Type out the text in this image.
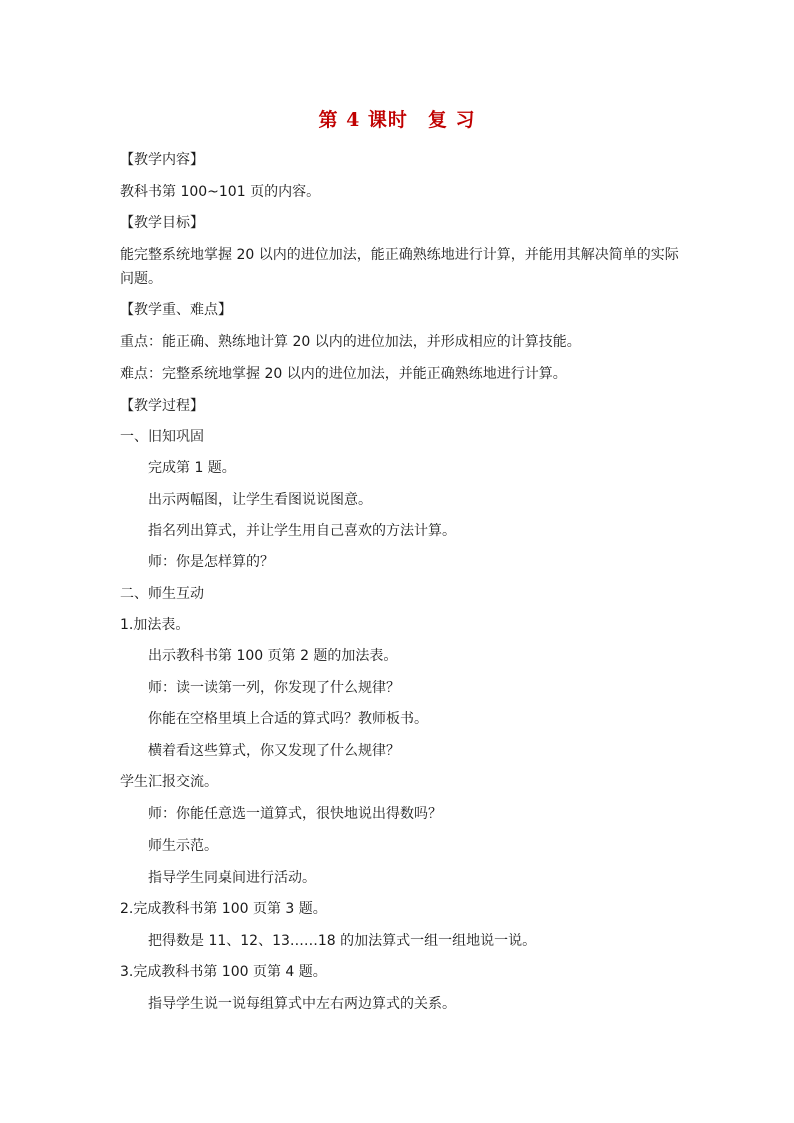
第 4 课时　复 习
【教学内容】
教科书第 100~101 页的内容。
【教学目标】
能完整系统地掌握 20 以内的进位加法，能正确熟练地进行计算，并能用其解决简单的实际问题。
【教学重、难点】
重点：能正确、熟练地计算 20 以内的进位加法，并形成相应的计算技能。
难点：完整系统地掌握 20 以内的进位加法，并能正确熟练地进行计算。
【教学过程】
一、旧知巩固
完成第 1 题。
出示两幅图，让学生看图说说图意。
指名列出算式，并让学生用自己喜欢的方法计算。
师：你是怎样算的？
二、师生互动
1.加法表。
出示教科书第 100 页第 2 题的加法表。
师：读一读第一列，你发现了什么规律？
你能在空格里填上合适的算式吗？教师板书。
横着看这些算式，你又发现了什么规律？
学生汇报交流。
师：你能任意选一道算式，很快地说出得数吗？
师生示范。
指导学生同桌间进行活动。
2.完成教科书第 100 页第 3 题。
把得数是 11、12、13……18 的加法算式一组一组地说一说。
3.完成教科书第 100 页第 4 题。
指导学生说一说每组算式中左右两边算式的关系。
